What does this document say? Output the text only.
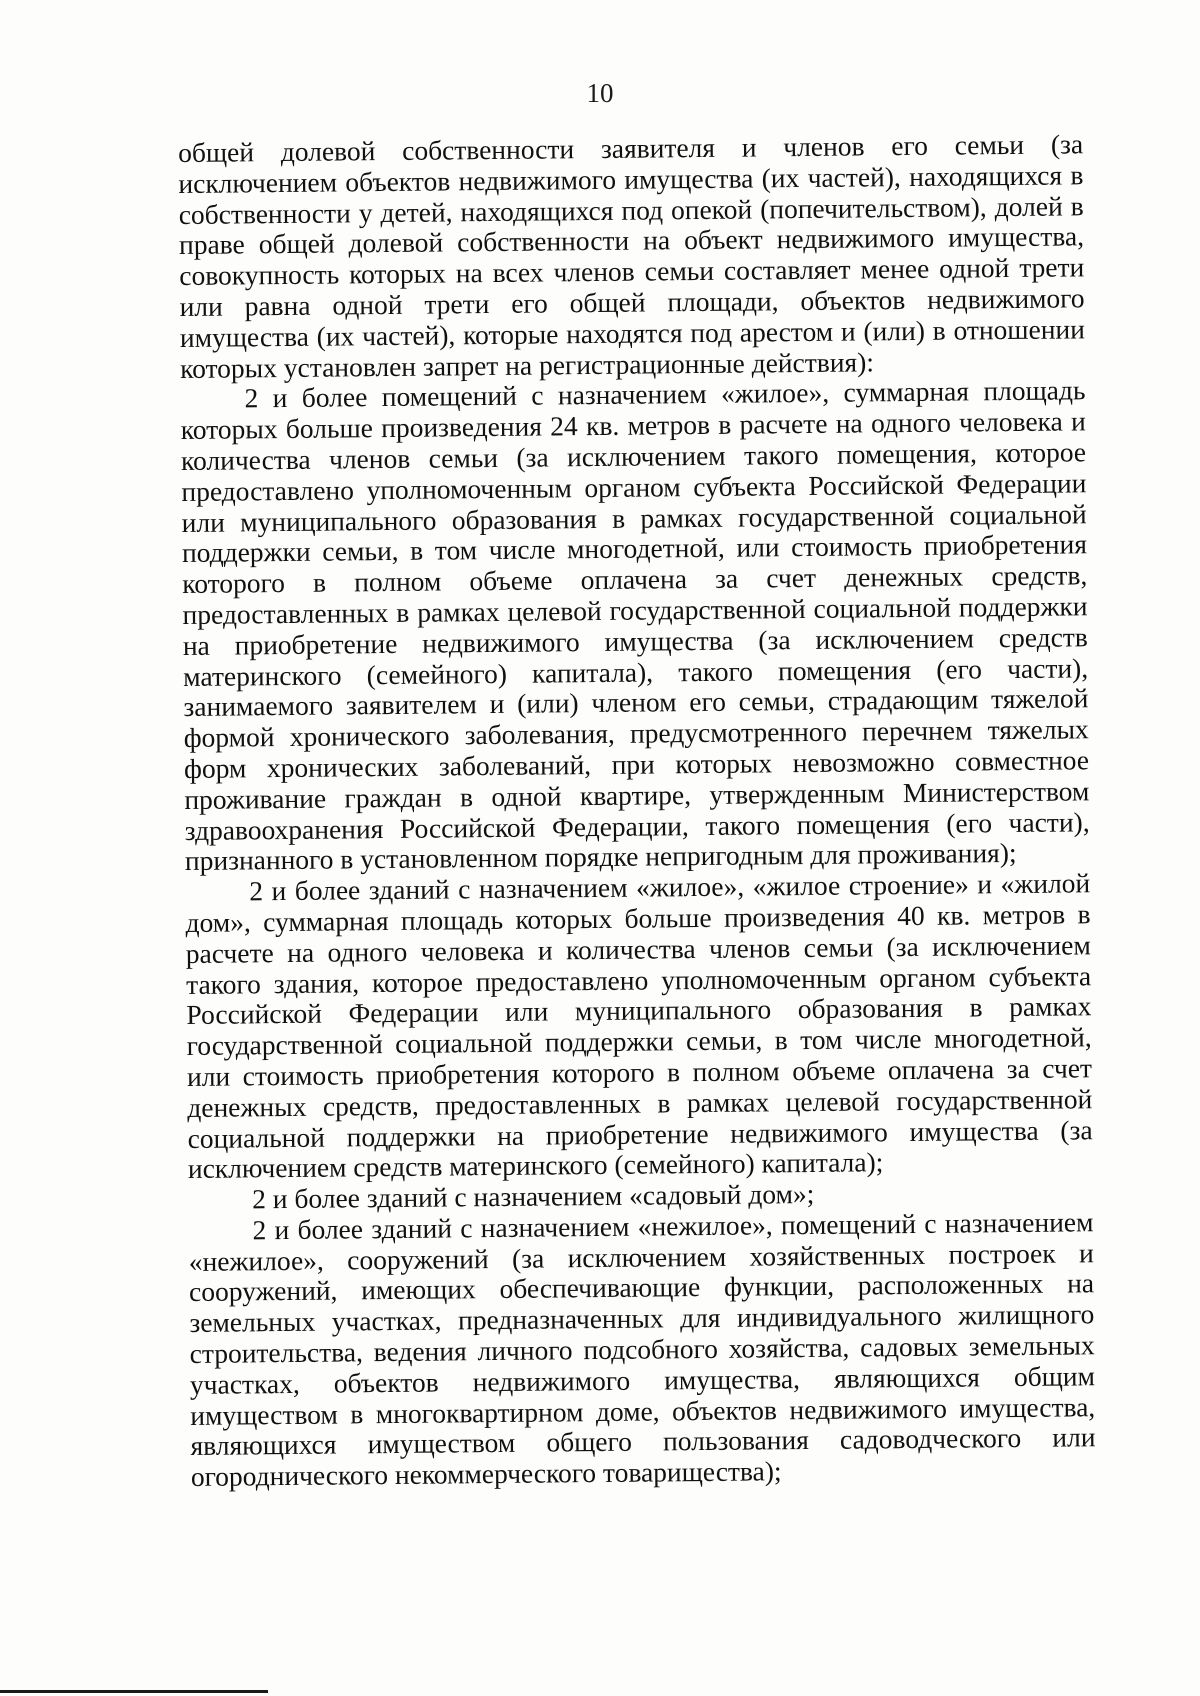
10

общей долевой собственности заявителя и членов его семьи (за исключением объектов недвижимого имущества (их частей), находящихся в собственности у детей, находящихся под опекой (попечительством), долей в праве общей долевой собственности на объект недвижимого имущества, совокупность которых на всех членов семьи составляет менее одной трети или равна одной трети его общей площади, объектов недвижимого имущества (их частей), которые находятся под арестом и (или) в отношении которых установлен запрет на регистрационные действия):

2 и более помещений с назначением «жилое», суммарная площадь которых больше произведения 24 кв. метров в расчете на одного человека и количества членов семьи (за исключением такого помещения, которое предоставлено уполномоченным органом субъекта Российской Федерации или муниципального образования в рамках государственной социальной поддержки семьи, в том числе многодетной, или стоимость приобретения которого в полном объеме оплачена за счет денежных средств, предоставленных в рамках целевой государственной социальной поддержки на приобретение недвижимого имущества (за исключением средств материнского (семейного) капитала), такого помещения (его части), занимаемого заявителем и (или) членом его семьи, страдающим тяжелой формой хронического заболевания, предусмотренного перечнем тяжелых форм хронических заболеваний, при которых невозможно совместное проживание граждан в одной квартире, утвержденным Министерством здравоохранения Российской Федерации, такого помещения (его части), признанного в установленном порядке непригодным для проживания);

2 и более зданий с назначением «жилое», «жилое строение» и «жилой дом», суммарная площадь которых больше произведения 40 кв. метров в расчете на одного человека и количества членов семьи (за исключением такого здания, которое предоставлено уполномоченным органом субъекта Российской Федерации или муниципального образования в рамках государственной социальной поддержки семьи, в том числе многодетной, или стоимость приобретения которого в полном объеме оплачена за счет денежных средств, предоставленных в рамках целевой государственной социальной поддержки на приобретение недвижимого имущества (за исключением средств материнского (семейного) капитала);

2 и более зданий с назначением «садовый дом»;

2 и более зданий с назначением «нежилое», помещений с назначением «нежилое», сооружений (за исключением хозяйственных построек и сооружений, имеющих обеспечивающие функции, расположенных на земельных участках, предназначенных для индивидуального жилищного строительства, ведения личного подсобного хозяйства, садовых земельных участках, объектов недвижимого имущества, являющихся общим имуществом в многоквартирном доме, объектов недвижимого имущества, являющихся имуществом общего пользования садоводческого или огороднического некоммерческого товарищества);
